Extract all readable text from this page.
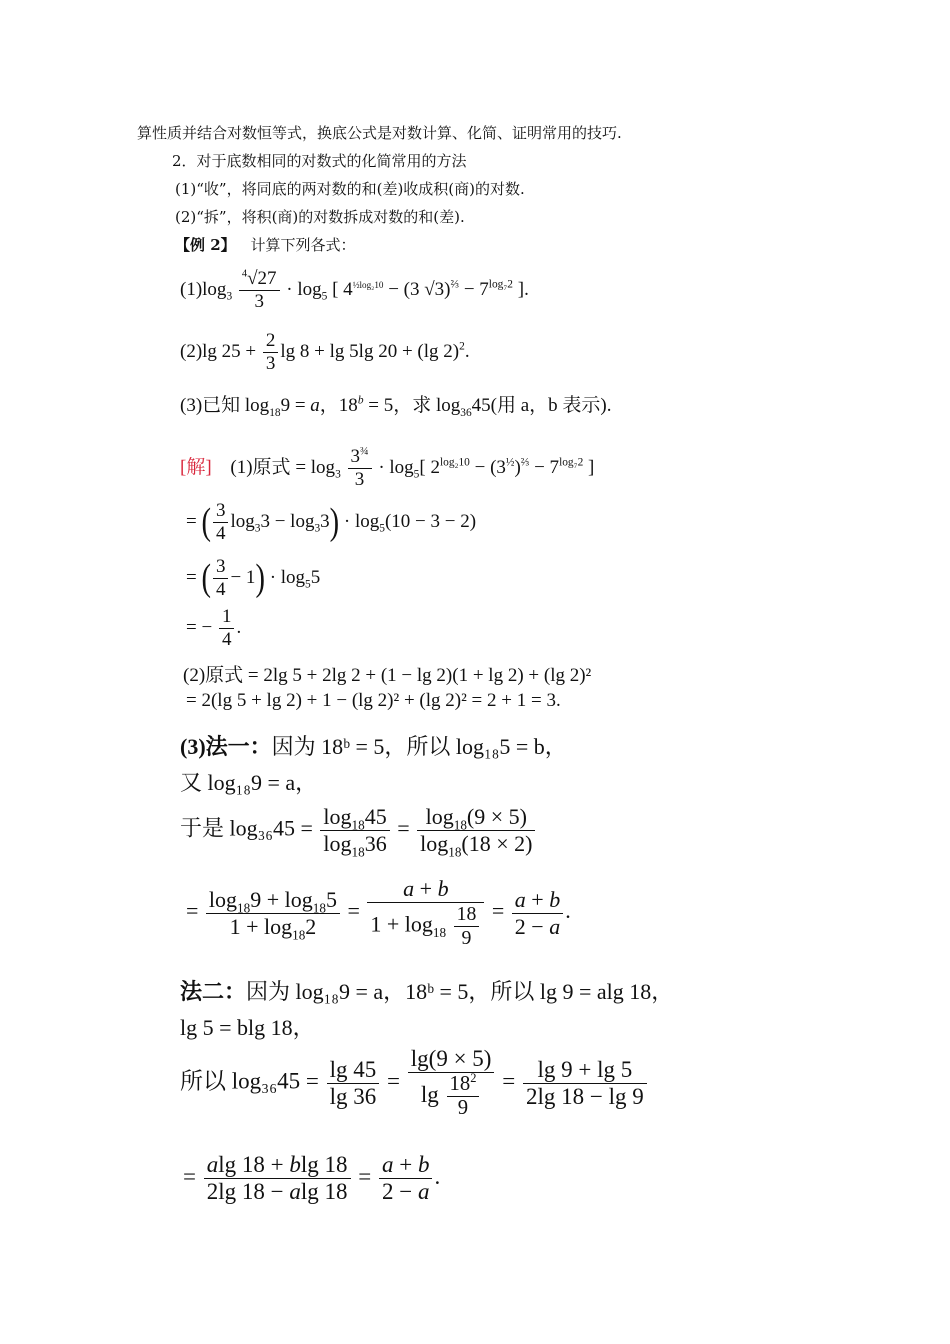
算性质并结合对数恒等式，换底公式是对数计算、化简、证明常用的技巧.
2．对于底数相同的对数式的化简常用的方法
(1)“收”，将同底的两对数的和(差)收成积(商)的对数.
(2)“拆”，将积(商)的对数拆成对数的和(差).
【例 2】 计算下列各式：
$(1)\log_3 \frac{^4√27}{3} \cdot \log_5$ [ $4^{\frac{1}{2}log_210} - (3$ $√3)^{\frac{2}{3}} - 7^{log_72}$ ].
(2)lg $25 + \frac{2}{3}$ lg 8 + lg 5lg 20 + (lg 2)$^2$.
(3)已知 $\log_{18}9 = a$，$18^b = 5$，求 $\log_{36}45$(用 a，b 表示).
[解] (1)原式 = $\log_3 \frac{3^{\frac{3}{4}}}{3} \cdot \log_5$[ $2^{log_210} - (3^{\frac{1}{2}})^{\frac{2}{3}} - 7^{log_72}$ ]
= ( $\frac{3}{4} \log_33 - \log_33) \cdot \log_5(10 - 3 - 2)$
= ( $\frac{3}{4} - 1) \cdot \log_55$
= − $\frac{1}{4}$ .
(2)原式 = 2lg 5 + 2lg 2 + (1 − lg 2)(1 + lg 2) + (lg 2)²
= 2(lg 5 + lg 2) + 1 − (lg 2)² + (lg 2)² = 2 + 1 = 3.
(3)法一：因为 18ᵇ = 5，所以 log₁₈5 = b，
又 log₁₈9 = a，
于是 $\log_{36}45 = \frac{\log_{18}45}{\log_{18}36} = \frac{\log_{18}(9 \times 5)}{\log_{18}(18 \times 2)}$
= $\frac{\log_{18}9 + \log_{18}5}{1 + \log_{18}2} = \frac{a + b}{1 + \log_{18} \frac{18}{9}} = \frac{a + b}{2 - a}$ .
法二：因为 log₁₈9 = a，18ᵇ = 5，所以 lg 9 = alg 18，
lg 5 = blg 18，
所以 $\log_{36}45 = \frac{\lg 45}{\lg 36} = \frac{\lg(9 \times 5)}{\lg \frac{18^2}{9}} = \frac{\lg 9 + \lg 5}{2\lg 18 - \lg 9}$
= $\frac{alg 18 + blg 18}{2\lg 18 - alg 18} = \frac{a + b}{2 - a}$ .
